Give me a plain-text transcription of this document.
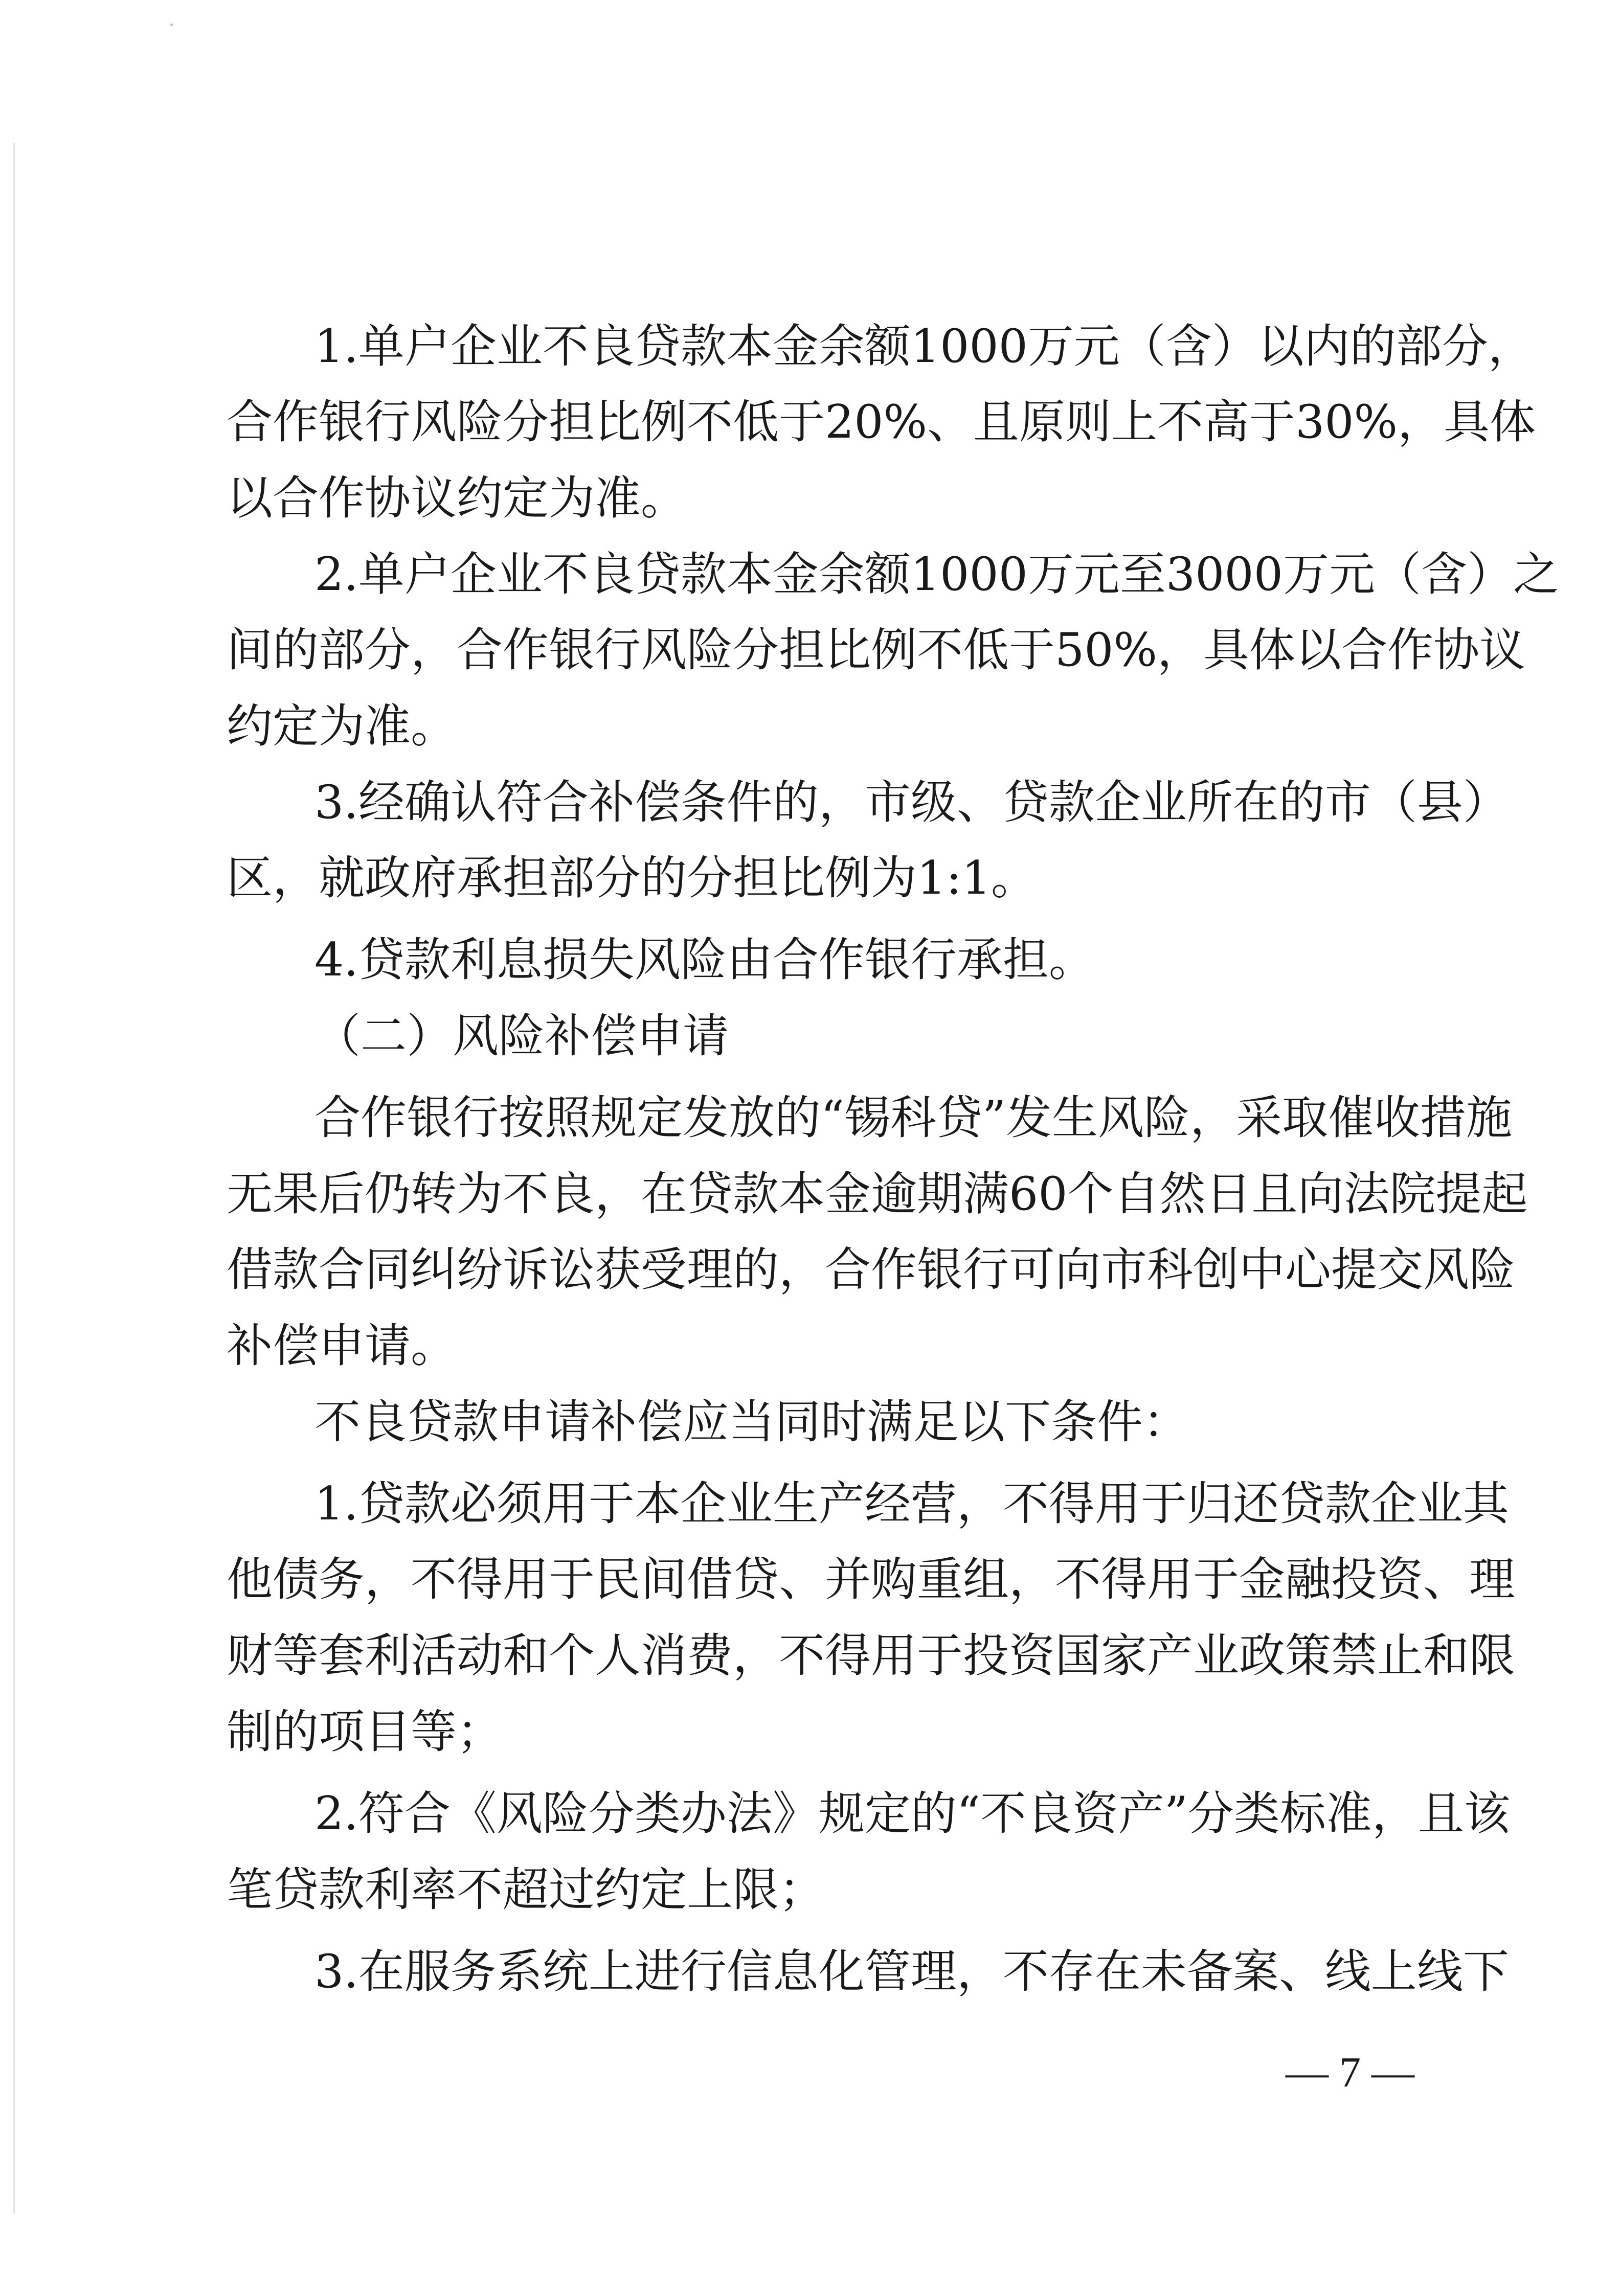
1.单户企业不良贷款本金余额1000万元（含）以内的部分，
合作银行风险分担比例不低于20%、且原则上不高于30%，具体
以合作协议约定为准。
2.单户企业不良贷款本金余额1000万元至3000万元（含）之
间的部分，合作银行风险分担比例不低于50%，具体以合作协议
约定为准。
3.经确认符合补偿条件的，市级、贷款企业所在的市（县）
区，就政府承担部分的分担比例为1:1。
4.贷款利息损失风险由合作银行承担。
（二）风险补偿申请
合作银行按照规定发放的“锡科贷”发生风险，采取催收措施
无果后仍转为不良，在贷款本金逾期满60个自然日且向法院提起
借款合同纠纷诉讼获受理的，合作银行可向市科创中心提交风险
补偿申请。
不良贷款申请补偿应当同时满足以下条件：
1.贷款必须用于本企业生产经营，不得用于归还贷款企业其
他债务，不得用于民间借贷、并购重组，不得用于金融投资、理
财等套利活动和个人消费，不得用于投资国家产业政策禁止和限
制的项目等；
2.符合《风险分类办法》规定的“不良资产”分类标准，且该
笔贷款利率不超过约定上限；
3.在服务系统上进行信息化管理，不存在未备案、线上线下
— 7 —
